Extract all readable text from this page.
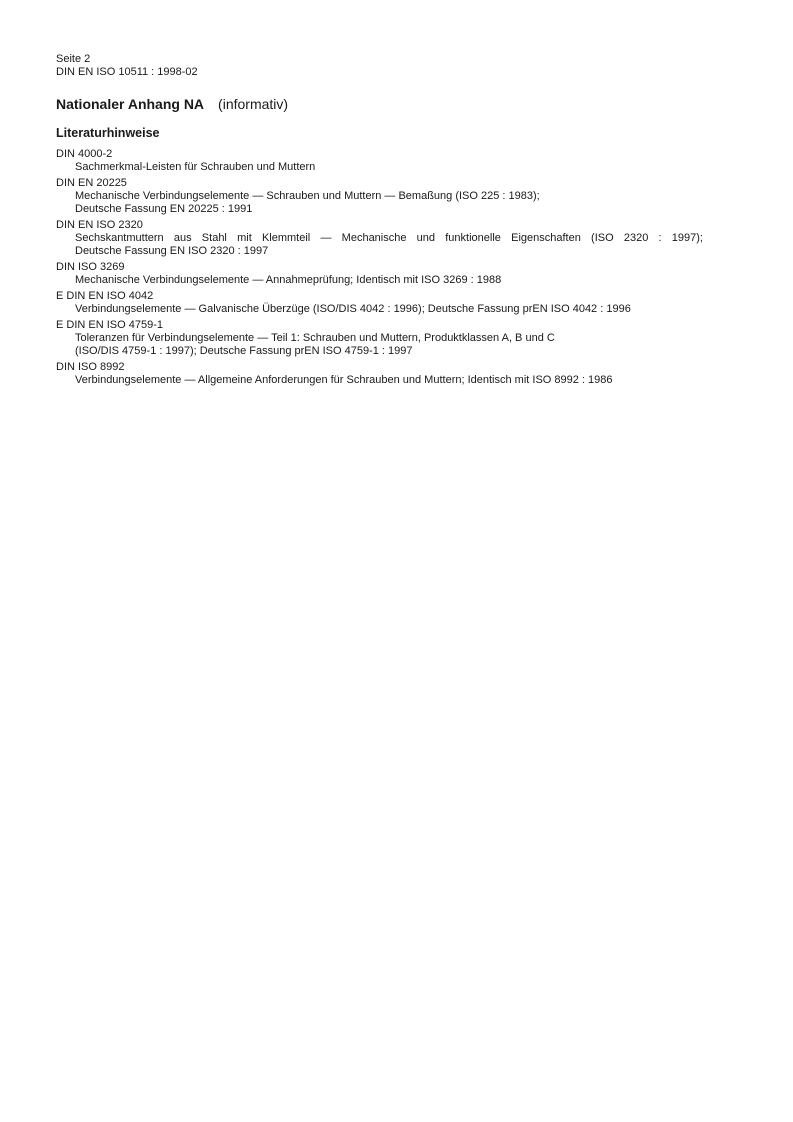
Seite 2
DIN EN ISO 10511 : 1998-02
Nationaler Anhang NA (informativ)
Literaturhinweise
DIN 4000-2
Sachmerkmal-Leisten für Schrauben und Muttern
DIN EN 20225
Mechanische Verbindungselemente — Schrauben und Muttern — Bemaßung (ISO 225 : 1983);
Deutsche Fassung EN 20225 : 1991
DIN EN ISO 2320
Sechskantmuttern aus Stahl mit Klemmteil — Mechanische und funktionelle Eigenschaften (ISO 2320 : 1997);
Deutsche Fassung EN ISO 2320 : 1997
DIN ISO 3269
Mechanische Verbindungselemente — Annahmeprüfung; Identisch mit ISO 3269 : 1988
E DIN EN ISO 4042
Verbindungselemente — Galvanische Überzüge (ISO/DIS 4042 : 1996); Deutsche Fassung prEN ISO 4042 : 1996
E DIN EN ISO 4759-1
Toleranzen für Verbindungselemente — Teil 1: Schrauben und Muttern, Produktklassen A, B und C
(ISO/DIS 4759-1 : 1997); Deutsche Fassung prEN ISO 4759-1 : 1997
DIN ISO 8992
Verbindungselemente — Allgemeine Anforderungen für Schrauben und Muttern; Identisch mit ISO 8992 : 1986
